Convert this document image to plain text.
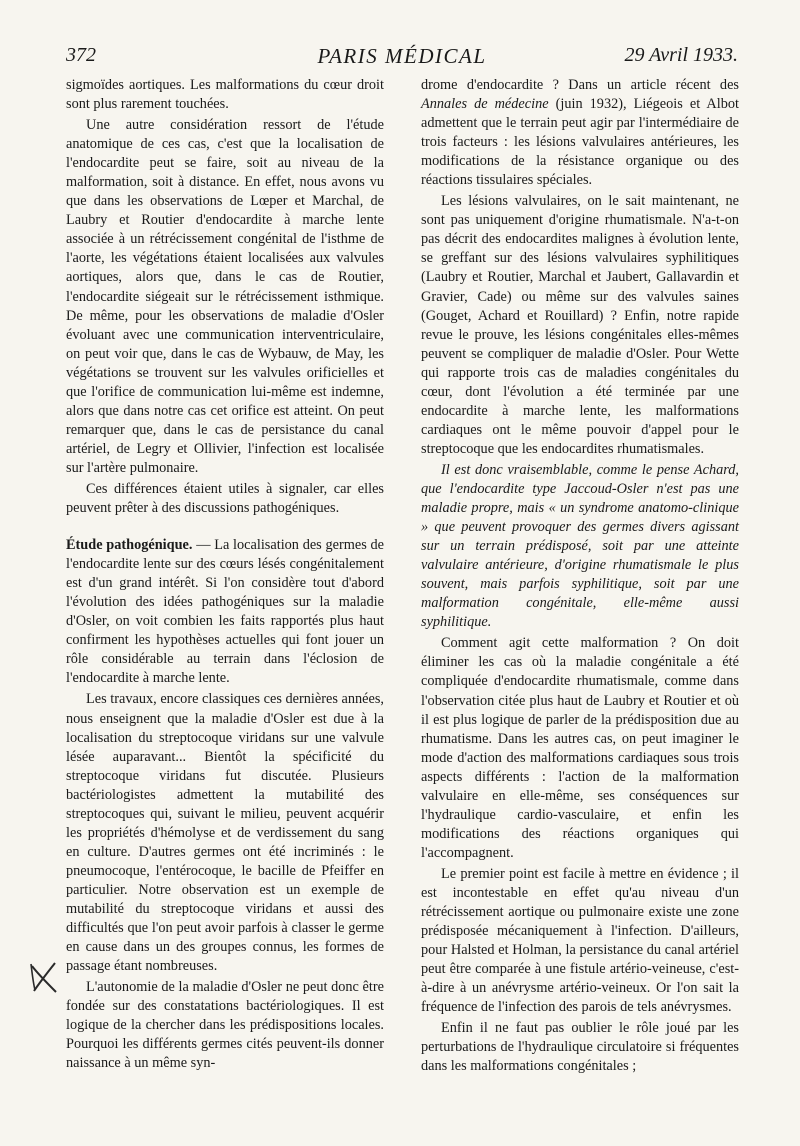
372	PARIS MÉDICAL	29 Avril 1933.

sigmoïdes aortiques. Les malformations du cœur droit sont plus rarement touchées.

Une autre considération ressort de l'étude anatomique de ces cas, c'est que la localisation de l'endocardite peut se faire, soit au niveau de la malformation, soit à distance. En effet, nous avons vu que dans les observations de Lœper et Marchal, de Laubry et Routier d'endocardite à marche lente associée à un rétrécissement congénital de l'isthme de l'aorte, les végétations étaient localisées aux valvules aortiques, alors que, dans le cas de Routier, l'endocardite siégeait sur le rétrécissement isthmique. De même, pour les observations de maladie d'Osler évoluant avec une communication interventriculaire, on peut voir que, dans le cas de Wybauw, de May, les végétations se trouvent sur les valvules orificielles et que l'orifice de communication lui-même est indemne, alors que dans notre cas cet orifice est atteint. On peut remarquer que, dans le cas de persistance du canal artériel, de Legry et Ollivier, l'infection est localisée sur l'artère pulmonaire.

Ces différences étaient utiles à signaler, car elles peuvent prêter à des discussions pathogéniques.

Étude pathogénique. — La localisation des germes de l'endocardite lente sur des cœurs lésés congénitalement est d'un grand intérêt. Si l'on considère tout d'abord l'évolution des idées pathogéniques sur la maladie d'Osler, on voit combien les faits rapportés plus haut confirment les hypothèses actuelles qui font jouer un rôle considérable au terrain dans l'éclosion de l'endocardite à marche lente.

Les travaux, encore classiques ces dernières années, nous enseignent que la maladie d'Osler est due à la localisation du streptocoque viridans sur une valvule lésée auparavant... Bientôt la spécificité du streptocoque viridans fut discutée. Plusieurs bactériologistes admettent la mutabilité des streptocoques qui, suivant le milieu, peuvent acquérir les propriétés d'hémolyse et de verdissement du sang en culture. D'autres germes ont été incriminés : le pneumocoque, l'entérocoque, le bacille de Pfeiffer en particulier. Notre observation est un exemple de mutabilité du streptocoque viridans et aussi des difficultés que l'on peut avoir parfois à classer le germe en cause dans un des groupes connus, les formes de passage étant nombreuses.

L'autonomie de la maladie d'Osler ne peut donc être fondée sur des constatations bactériologiques. Il est logique de la chercher dans les prédispositions locales. Pourquoi les différents germes cités peuvent-ils donner naissance à un même syn-

drome d'endocardite ? Dans un article récent des Annales de médecine (juin 1932), Liégeois et Albot admettent que le terrain peut agir par l'intermédiaire de trois facteurs : les lésions valvulaires antérieures, les modifications de la résistance organique ou des réactions tissulaires spéciales.

Les lésions valvulaires, on le sait maintenant, ne sont pas uniquement d'origine rhumatismale. N'a-t-on pas décrit des endocardites malignes à évolution lente, se greffant sur des lésions valvulaires syphilitiques (Laubry et Routier, Marchal et Jaubert, Gallavardin et Gravier, Cade) ou même sur des valvules saines (Gouget, Achard et Rouillard) ? Enfin, notre rapide revue le prouve, les lésions congénitales elles-mêmes peuvent se compliquer de maladie d'Osler. Pour Wette qui rapporte trois cas de maladies congénitales du cœur, dont l'évolution a été terminée par une endocardite à marche lente, les malformations cardiaques ont le même pouvoir d'appel pour le streptocoque que les endocardites rhumatismales.

Il est donc vraisemblable, comme le pense Achard, que l'endocardite type Jaccoud-Osler n'est pas une maladie propre, mais « un syndrome anatomo-clinique » que peuvent provoquer des germes divers agissant sur un terrain prédisposé, soit par une atteinte valvulaire antérieure, d'origine rhumatismale le plus souvent, mais parfois syphilitique, soit par une malformation congénitale, elle-même aussi syphilitique.

Comment agit cette malformation ? On doit éliminer les cas où la maladie congénitale a été compliquée d'endocardite rhumatismale, comme dans l'observation citée plus haut de Laubry et Routier et où il est plus logique de parler de la prédisposition due au rhumatisme. Dans les autres cas, on peut imaginer le mode d'action des malformations cardiaques sous trois aspects différents : l'action de la malformation valvulaire en elle-même, ses conséquences sur l'hydraulique cardio-vasculaire, et enfin les modifications des réactions organiques qui l'accompagnent.

Le premier point est facile à mettre en évidence ; il est incontestable en effet qu'au niveau d'un rétrécissement aortique ou pulmonaire existe une zone prédisposée mécaniquement à l'infection. D'ailleurs, pour Halsted et Holman, la persistance du canal artériel peut être comparée à une fistule artério-veineuse, c'est-à-dire à un anévrysme artério-veineux. Or l'on sait la fréquence de l'infection des parois de tels anévrysmes.

Enfin il ne faut pas oublier le rôle joué par les perturbations de l'hydraulique circulatoire si fréquentes dans les malformations congénitales ;
